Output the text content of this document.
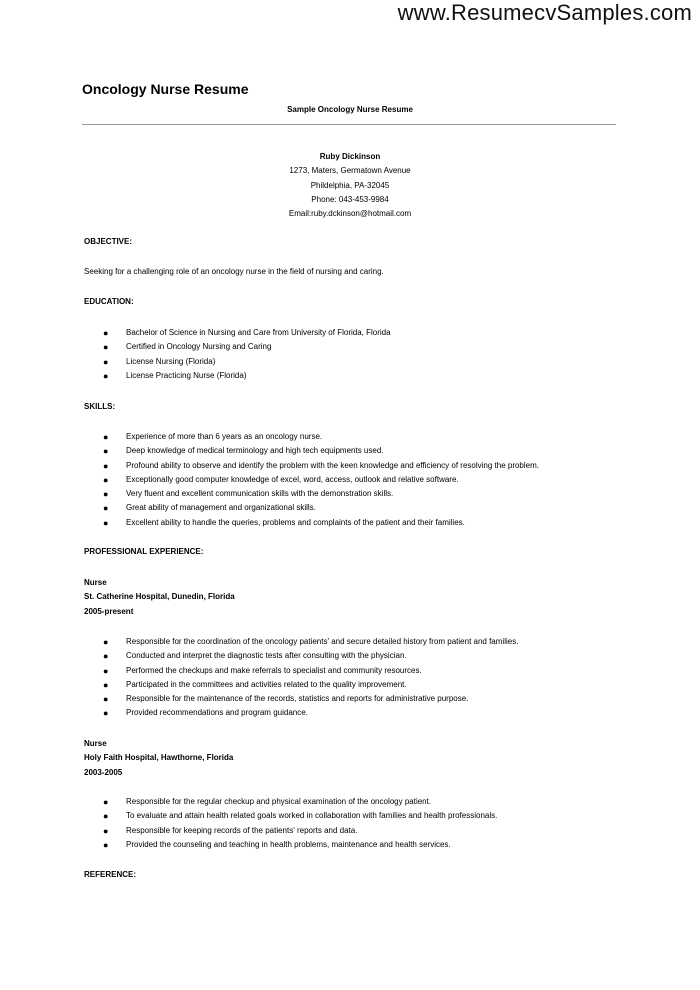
www.ResumecvSamples.com
Oncology Nurse Resume
Sample Oncology Nurse Resume
Ruby Dickinson
1273, Maters, Germatown Avenue
Phildelphia, PA-32045
Phone: 043-453-9984
Email:ruby.dckinson@hotmail.com
OBJECTIVE:
Seeking for a challenging role of an oncology nurse in the field of nursing and caring.
EDUCATION:
● Bachelor of Science in Nursing and Care from University of Florida, Florida
● Certified in Oncology Nursing and Caring
● License Nursing (Florida)
● License Practicing Nurse (Florida)
SKILLS:
● Experience of more than 6 years as an oncology nurse.
● Deep knowledge of medical terminology and high tech equipments used.
● Profound ability to observe and identify the problem with the keen knowledge and efficiency of resolving the problem.
● Exceptionally good computer knowledge of excel, word, access, outlook and relative software.
● Very fluent and excellent communication skills with the demonstration skills.
● Great ability of management and organizational skills.
● Excellent ability to handle the queries, problems and complaints of the patient and their families.
PROFESSIONAL EXPERIENCE:
Nurse
St. Catherine Hospital, Dunedin, Florida
2005-present
● Responsible for the coordination of the oncology patients' and secure detailed history from patient and families.
● Conducted and interpret the diagnostic tests after consulting with the physician.
● Performed the checkups and make referrals to specialist and community resources.
● Participated in the committees and activities related to the quality improvement.
● Responsible for the maintenance of the records, statistics and reports for administrative purpose.
● Provided recommendations and program guidance.
Nurse
Holy Faith Hospital, Hawthorne, Florida
2003-2005
● Responsible for the regular checkup and physical examination of the oncology patient.
● To evaluate and attain health related goals worked in collaboration with families and health professionals.
● Responsible for keeping records of the patients' reports and data.
● Provided the counseling and teaching in health problems, maintenance and health services.
REFERENCE:
